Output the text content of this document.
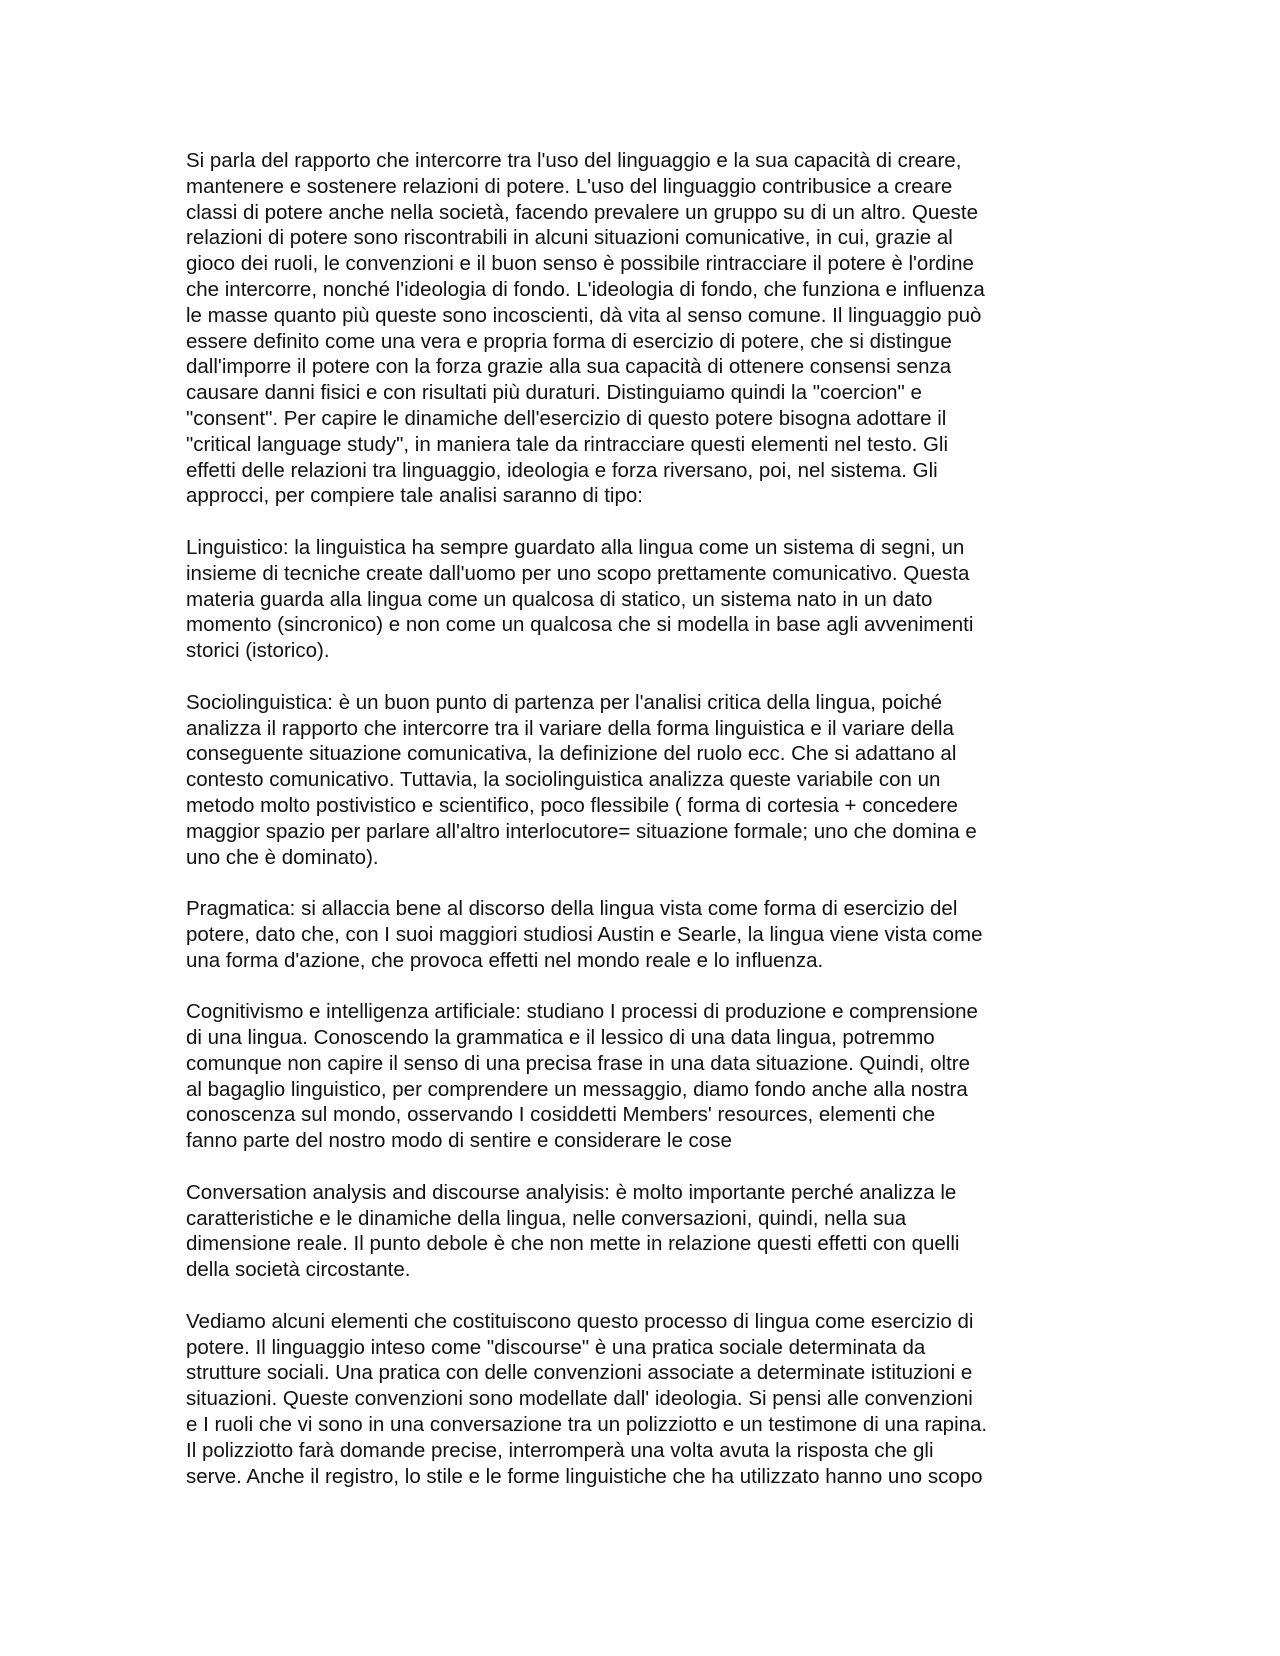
Si parla del rapporto che intercorre tra l'uso del linguaggio e la sua capacità di creare,
mantenere e sostenere relazioni di potere. L'uso del linguaggio contribusice a creare
classi di potere anche nella società, facendo prevalere un gruppo su di un altro. Queste
relazioni di potere sono riscontrabili in alcuni situazioni comunicative, in cui, grazie al
gioco dei ruoli, le convenzioni e il buon senso è possibile rintracciare il potere è l'ordine
che intercorre, nonché l'ideologia di fondo. L'ideologia di fondo, che funziona e influenza
le masse quanto più queste sono incoscienti, dà vita al senso comune. Il linguaggio può
essere definito come una vera e propria forma di esercizio di potere, che si distingue
dall'imporre il potere con la forza grazie alla sua capacità di ottenere consensi senza
causare danni fisici e con risultati più duraturi. Distinguiamo quindi la "coercion" e
"consent". Per capire le dinamiche dell'esercizio di questo potere bisogna adottare il
"critical language study", in maniera tale da rintracciare questi elementi nel testo. Gli
effetti delle relazioni tra linguaggio, ideologia e forza riversano, poi, nel sistema. Gli
approcci, per compiere tale analisi saranno di tipo:

Linguistico: la linguistica ha sempre guardato alla lingua come un sistema di segni, un
insieme di tecniche create dall'uomo per uno scopo prettamente comunicativo. Questa
materia guarda alla lingua come un qualcosa di statico, un sistema nato in un dato
momento (sincronico) e non come un qualcosa che si modella in base agli avvenimenti
storici (istorico).

Sociolinguistica: è un buon punto di partenza per l'analisi critica della lingua, poiché
analizza il rapporto che intercorre tra il variare della forma linguistica e il variare della
conseguente situazione comunicativa, la definizione del ruolo ecc. Che si adattano al
contesto comunicativo. Tuttavia, la sociolinguistica analizza queste variabile con un
metodo molto postivistico e scientifico, poco flessibile ( forma di cortesia + concedere
maggior spazio per parlare all'altro interlocutore= situazione formale; uno che domina e
uno che è dominato).

Pragmatica: si allaccia bene al discorso della lingua vista come forma di esercizio del
potere, dato che, con I suoi maggiori studiosi Austin e Searle, la lingua viene vista come
una forma d'azione, che provoca effetti nel mondo reale e lo influenza.

Cognitivismo e intelligenza artificiale: studiano I processi di produzione e comprensione
di una lingua. Conoscendo la grammatica e il lessico di una data lingua, potremmo
comunque non capire il senso di una precisa frase in una data situazione. Quindi, oltre
al bagaglio linguistico, per comprendere un messaggio, diamo fondo anche alla nostra
conoscenza sul mondo, osservando I cosiddetti Members' resources, elementi che
fanno parte del nostro modo di sentire e considerare le cose

Conversation analysis and discourse analyisis: è molto importante perché analizza le
caratteristiche e le dinamiche della lingua, nelle conversazioni, quindi, nella sua
dimensione reale. Il punto debole è che non mette in relazione questi effetti con quelli
della società circostante.

Vediamo alcuni elementi che costituiscono questo processo di lingua come esercizio di
potere. Il linguaggio inteso come "discourse" è una pratica sociale determinata da
strutture sociali. Una pratica con delle convenzioni associate a determinate istituzioni e
situazioni. Queste convenzioni sono modellate dall' ideologia. Si pensi alle convenzioni
e I ruoli che vi sono in una conversazione tra un polizziotto e un testimone di una rapina.
Il polizziotto farà domande precise, interromperà una volta avuta la risposta che gli
serve. Anche il registro, lo stile e le forme linguistiche che ha utilizzato hanno uno scopo
